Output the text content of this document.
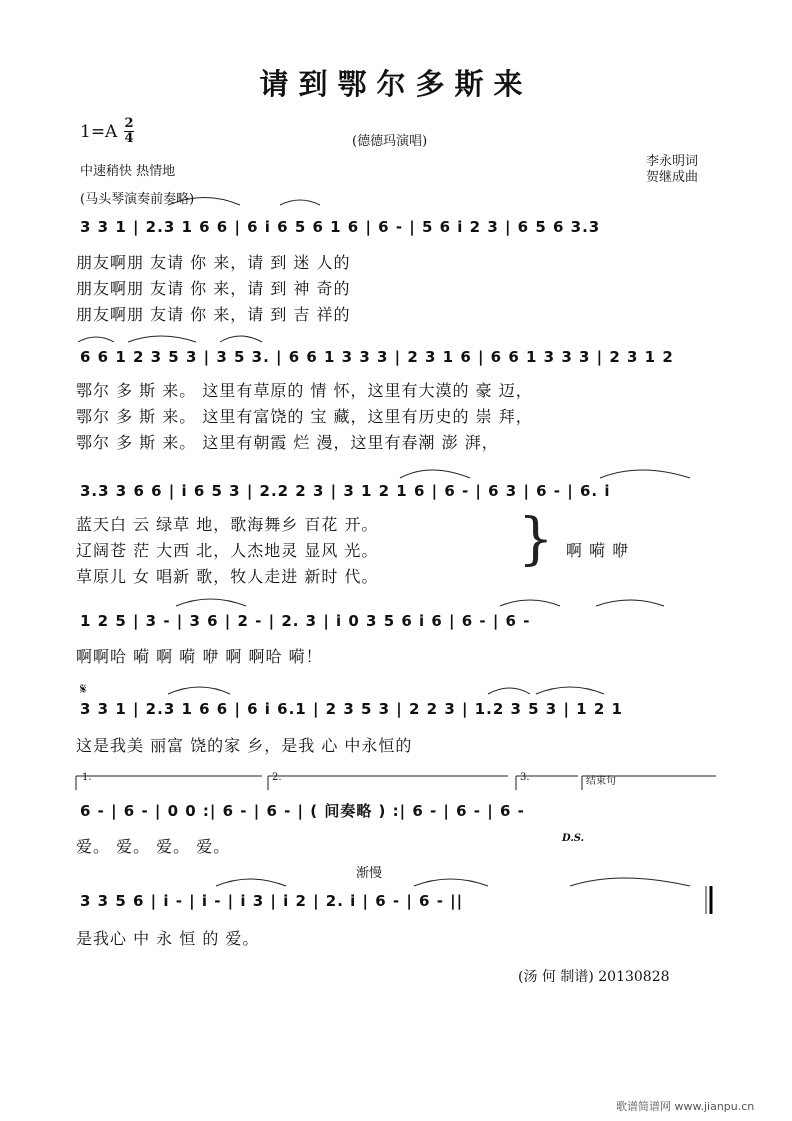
请到鄂尔多斯来
1=A 2
4	(德德玛演唱)
中速稍快 热情地
李永明词
贺继成曲
(马头琴演奏前奏略)
3 3 1 | 2.3 1 6 6 | 6 i 6 5 6 1 6 | 6 - | 5 6 i 2 3 | 6 5 6 3.3
朋友啊朋 友请 你 来，请 到 迷 人的
朋友啊朋 友请 你 来，请 到 神 奇的
朋友啊朋 友请 你 来，请 到 吉 祥的
6 6 1 2 3 5 3 | 3 5 3. | 6 6 1 3 3 3 | 2 3 1 6 | 6 6 1 3 3 3 | 2 3 1 2
鄂尔 多 斯 来。 这里有草原的 情 怀，这里有大漠的 豪 迈，
鄂尔 多 斯 来。 这里有富饶的 宝 藏，这里有历史的 崇 拜，
鄂尔 多 斯 来。 这里有朝霞 烂 漫，这里有春潮 澎 湃，
3.3 3 6 6 | i 6 5 3 | 2.2 2 3 | 3 1 2 1 6 | 6 - | 6 3 | 6 - | 6. i
蓝天白 云 绿草 地，歌海舞乡 百花 开。
辽阔苍 茫 大西 北，人杰地灵 显风 光。
草原儿 女 唱新 歌，牧人走进 新时 代。
} 啊 嗬 咿
1 2 5 | 3 - | 3 6 | 2 - | 2. 3 | i 0 3 5 6 i 6 | 6 - | 6 -
啊啊哈 嗬 啊 嗬 咿 啊 啊哈 嗬！
𝄋
3 3 1 | 2.3 1 6 6 | 6 i 6.1 | 2 3 5 3 | 2 2 3 | 1.2 3 5 3 | 1 2 1
这是我美 丽富 饶的家 乡，是我 心 中永恒的
1.	2.	3.	结束句
6 - | 6 - | 0 0 :| 6 - | 6 - | ( 间奏略 ) :| 6 - | 6 - | 6 -
爱。 爱。 爱。 爱。	D.S.
渐慢
3 3 5 6 | i - | i - | i 3 | i 2 | 2. i | 6 - | 6 - ||
是我心 中 永 恒 的 爱。
(汤 何 制谱) 20130828
歌谱简谱网 www.jianpu.cn
